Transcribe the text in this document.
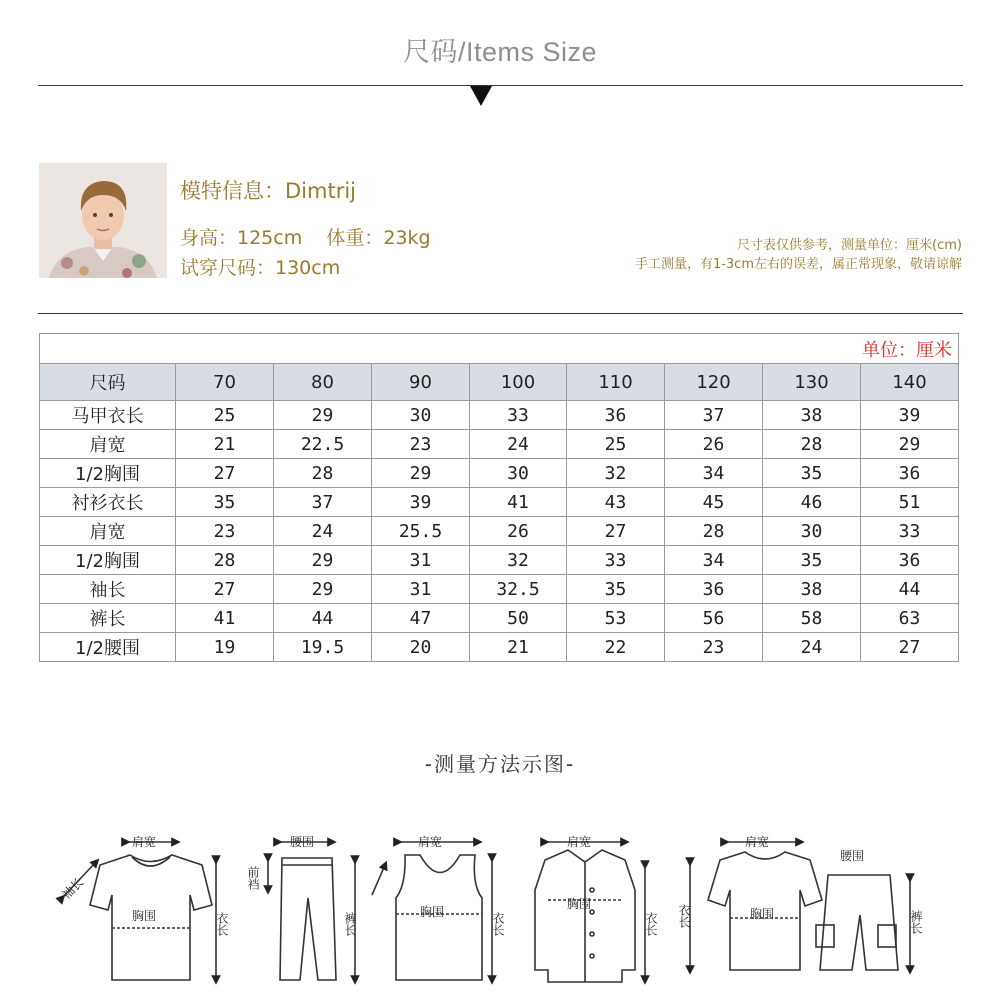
尺码/Items Size
模特信息：Dimtrij
身高：125cm    体重：23kg
试穿尺码：130cm
尺寸表仅供参考，测量单位：厘米(cm)
手工测量，有1-3cm左右的误差，属正常现象，敬请谅解
单位：厘米								
尺码	70	80	90	100	110	120	130	140
马甲衣长	25	29	30	33	36	37	38	39
肩宽	21	22.5	23	24	25	26	28	29
1/2胸围	27	28	29	30	32	34	35	36
衬衫衣长	35	37	39	41	43	45	46	51
肩宽	23	24	25.5	26	27	28	30	33
1/2胸围	28	29	31	32	33	34	35	36
袖长	27	29	31	32.5	35	36	38	44
裤长	41	44	47	50	53	56	58	63
1/2腰围	19	19.5	20	21	22	23	24	27
-测量方法示图-
肩宽
胸围	衣长
袖长
腰围
前裆
裤长
肩宽
胸围	衣长
肩宽
胸围
衣长
肩宽
胸围
衣长
腰围
裤长
